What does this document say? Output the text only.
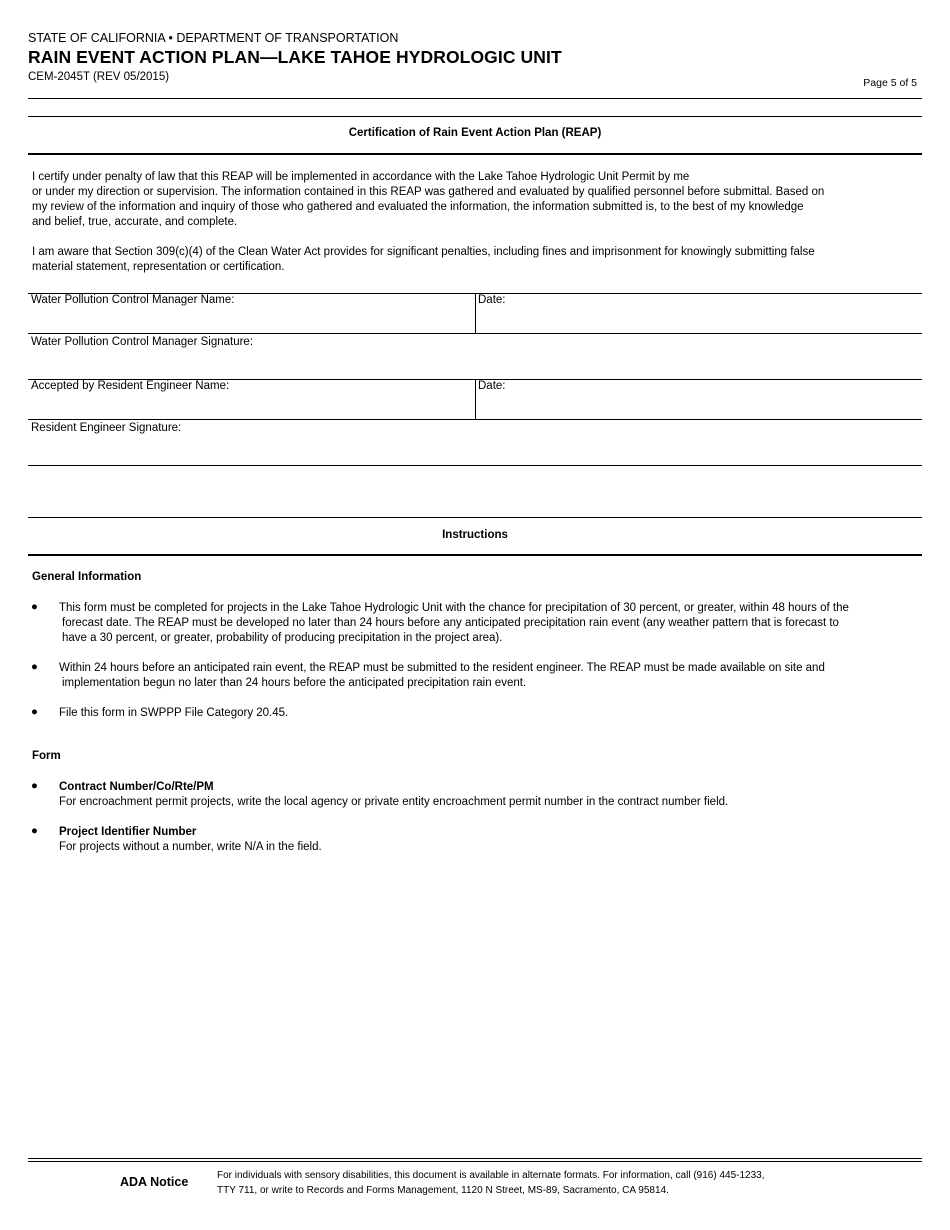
STATE OF CALIFORNIA • DEPARTMENT OF TRANSPORTATION
RAIN EVENT ACTION PLAN—LAKE TAHOE HYDROLOGIC UNIT
CEM-2045T (REV 05/2015)	Page 5 of 5
Certification of Rain Event Action Plan (REAP)
I certify under penalty of law that this REAP will be implemented in accordance with the Lake Tahoe Hydrologic Unit Permit by me
or under my direction or supervision. The information contained in this REAP was gathered and evaluated by qualified personnel before submittal. Based on
my review of the information and inquiry of those who gathered and evaluated the information, the information submitted is, to the best of my knowledge
and belief, true, accurate, and complete.
I am aware that Section 309(c)(4) of the Clean Water Act provides for significant penalties, including fines and imprisonment for knowingly submitting false
material statement, representation or certification.
Water Pollution Control Manager Name:	Date:
Water Pollution Control Manager Signature:
Accepted by Resident Engineer Name:	Date:
Resident Engineer Signature:
Instructions
General Information
● This form must be completed for projects in the Lake Tahoe Hydrologic Unit with the chance for precipitation of 30 percent, or greater, within 48 hours of the
forecast date. The REAP must be developed no later than 24 hours before any anticipated precipitation rain event (any weather pattern that is forecast to
have a 30 percent, or greater, probability of producing precipitation in the project area).
● Within 24 hours before an anticipated rain event, the REAP must be submitted to the resident engineer. The REAP must be made available on site and
implementation begun no later than 24 hours before the anticipated precipitation rain event.
● File this form in SWPPP File Category 20.45.
Form
● Contract Number/Co/Rte/PM
For encroachment permit projects, write the local agency or private entity encroachment permit number in the contract number field.
● Project Identifier Number
For projects without a number, write N/A in the field.
ADA Notice	For individuals with sensory disabilities, this document is available in alternate formats. For information, call (916) 445-1233,
TTY 711, or write to Records and Forms Management, 1120 N Street, MS-89, Sacramento, CA 95814.
